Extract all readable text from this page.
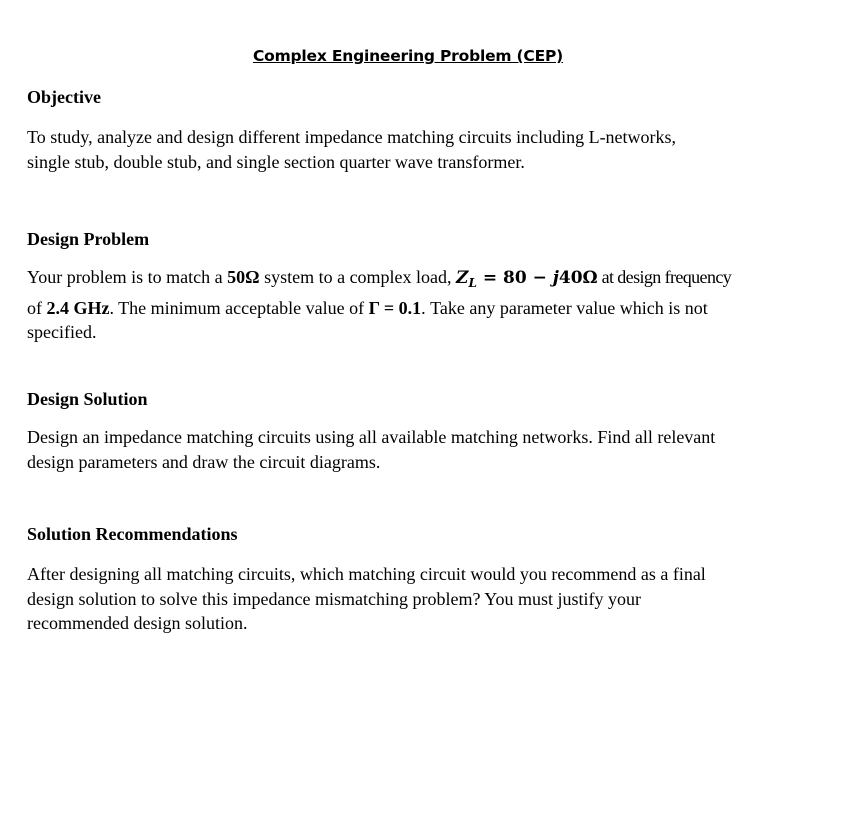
Complex Engineering Problem (CEP)
Objective
To study, analyze and design different impedance matching circuits including L-networks,
single stub, double stub, and single section quarter wave transformer.
Design Problem
Your problem is to match a 50Ω system to a complex load, $Z_L = 80 - j40\Omega$ at design frequency
of 2.4 GHz. The minimum acceptable value of Γ = 0.1. Take any parameter value which is not
specified.
Design Solution
Design an impedance matching circuits using all available matching networks. Find all relevant
design parameters and draw the circuit diagrams.
Solution Recommendations
After designing all matching circuits, which matching circuit would you recommend as a final
design solution to solve this impedance mismatching problem? You must justify your
recommended design solution.
